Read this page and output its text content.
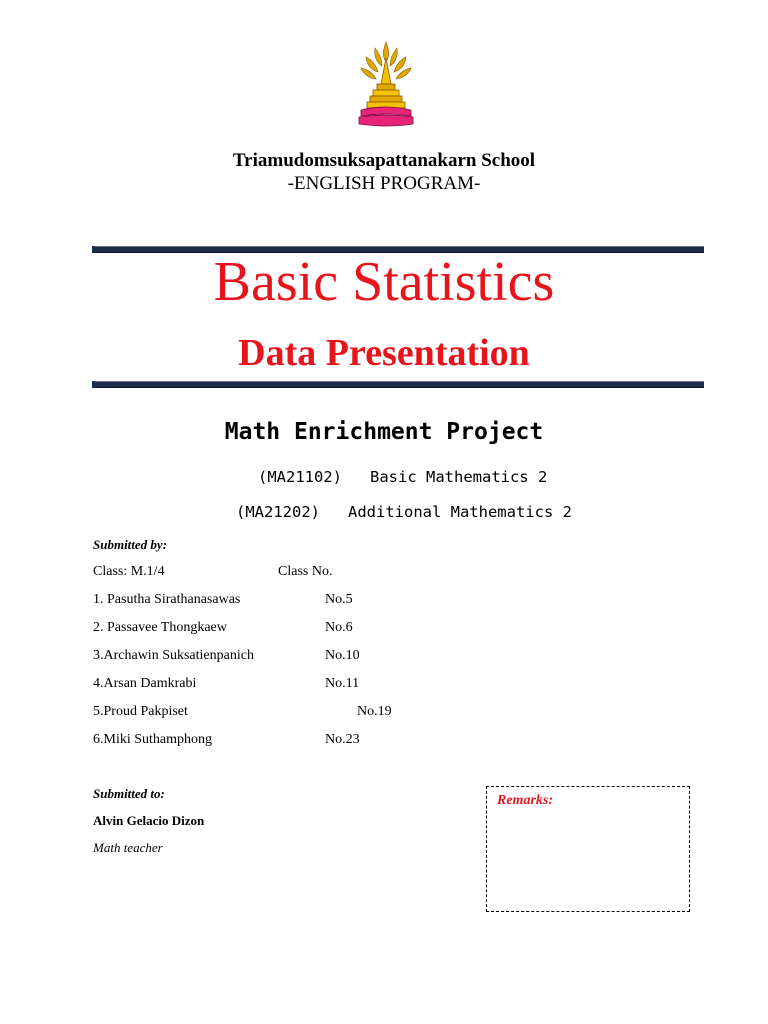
Triamudomsuksapattanakarn School
-ENGLISH PROGRAM-
Basic Statistics
Data Presentation
Math Enrichment Project
(MA21102) Basic Mathematics 2
(MA21202) Additional Mathematics 2
Submitted by:
Class: M.1/4	Class No.
1. Pasutha Sirathanasawas	No.5
2. Passavee Thongkaew	No.6
3.Archawin Suksatienpanich	No.10
4.Arsan Damkrabi	No.11
5.Proud Pakpiset	No.19
6.Miki Suthamphong	No.23
Submitted to:
Alvin Gelacio Dizon
Math teacher
Remarks:
